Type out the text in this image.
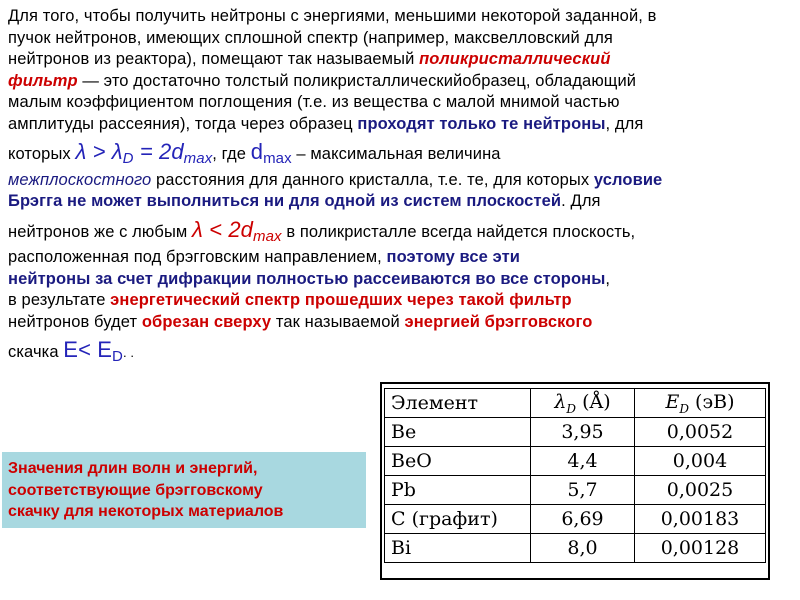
Для того, чтобы получить нейтроны с энергиями, меньшими некоторой заданной, в
пучок нейтронов, имеющих сплошной спектр (например, максвелловский для
нейтронов из реактора), помещают так называемый поликристаллический
фильтр — это достаточно толстый поликристаллическийобразец, обладающий
малым коэффициентом поглощения (т.е. из вещества с малой мнимой частью
амплитуды рассеяния), тогда через образец проходят только те нейтроны, для
которых $\lambda > \lambda_D = 2d_{max}$, где $d_{max}$ – максимальная величина
межплоскостного расстояния для данного кристалла, т.е. те, для которых условие
Брэгга не может выполниться ни для одной из систем плоскостей. Для
нейтронов же с любым $\lambda < 2d_{max}$ в поликристалле всегда найдется плоскость,
расположенная под брэгговским направлением, поэтому все эти
нейтроны за счет дифракции полностью рассеиваются во все стороны,
в результате энергетический спектр прошедших через такой фильтр
нейтронов будет обрезан сверху так называемой энергией брэгговского
скачка $E< E_D$. .
Значения длин волн и энергий,
соответствующие брэгговскому
скачку для некоторых материалов
Элемент	$\lambda_D$ (Å)	$E_D$ (эВ)
Be	3,95	0,0052
BeO	4,4	0,004
Pb	5,7	0,0025
C (графит)	6,69	0,00183
Bi	8,0	0,00128
